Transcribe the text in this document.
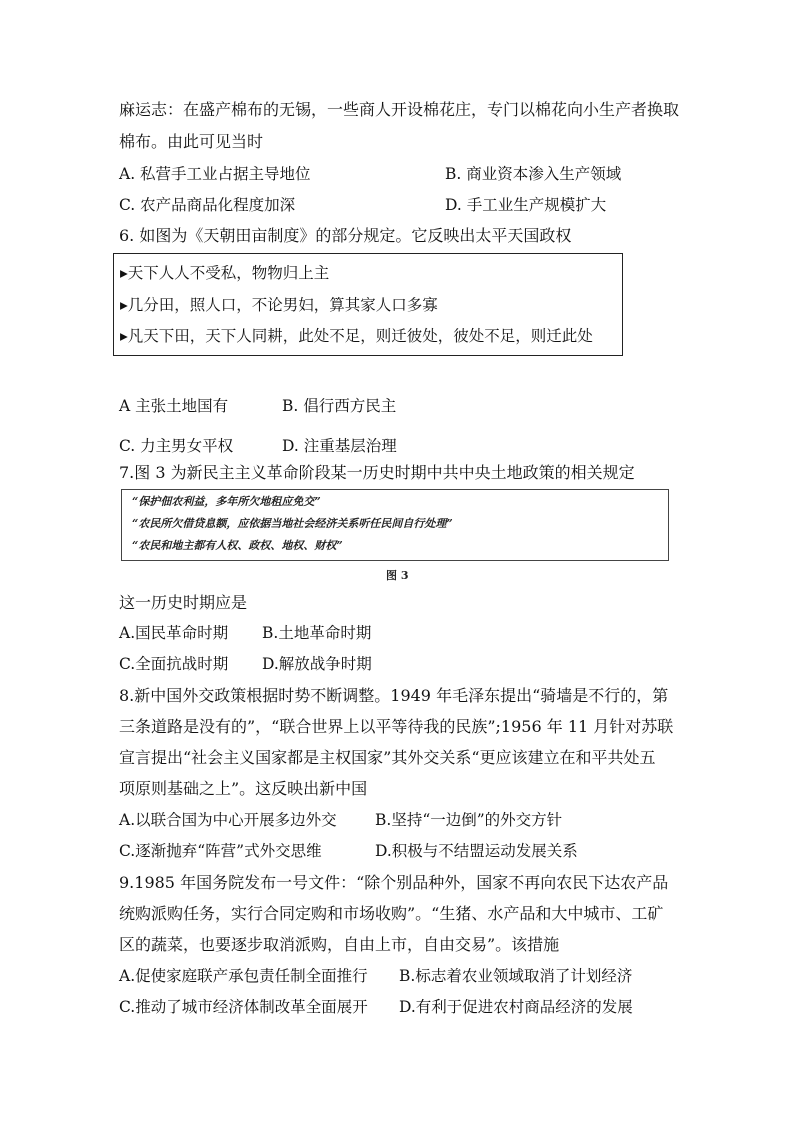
麻运志：在盛产棉布的无锡，一些商人开设棉花庄，专门以棉花向小生产者换取
棉布。由此可见当时
A. 私营手工业占据主导地位	B. 商业资本渗入生产领域
C. 农产品商品化程度加深	D. 手工业生产规模扩大
6. 如图为《天朝田亩制度》的部分规定。它反映出太平天国政权
▸天下人人不受私，物物归上主
▸几分田，照人口，不论男妇，算其家人口多寡
▸凡天下田，天下人同耕，此处不足，则迁彼处，彼处不足，则迁此处
A 主张土地国有	B. 倡行西方民主
C. 力主男女平权	D. 注重基层治理
7.图 3 为新民主主义革命阶段某一历史时期中共中央土地政策的相关规定
“保护佃农利益，多年所欠地租应免交”
“农民所欠借贷息额，应依据当地社会经济关系听任民间自行处理”
“农民和地主都有人权、政权、地权、财权”
图 3
这一历史时期应是
A.国民革命时期 B.土地革命时期
C.全面抗战时期 D.解放战争时期
8.新中国外交政策根据时势不断调整。1949 年毛泽东提出“骑墙是不行的，第
三条道路是没有的”，“联合世界上以平等待我的民族”;1956 年 11 月针对苏联
宣言提出“社会主义国家都是主权国家”其外交关系“更应该建立在和平共处五
项原则基础之上”。这反映出新中国
A.以联合国为中心开展多边外交 B.坚持“一边倒”的外交方针
C.逐渐抛弃“阵营”式外交思维	D.积极与不结盟运动发展关系
9.1985 年国务院发布一号文件：“除个别品种外，国家不再向农民下达农产品
统购派购任务，实行合同定购和市场收购”。“生猪、水产品和大中城市、工矿
区的蔬菜，也要逐步取消派购，自由上市，自由交易”。该措施
A.促使家庭联产承包责任制全面推行 B.标志着农业领域取消了计划经济
C.推动了城市经济体制改革全面展开 D.有利于促进农村商品经济的发展
